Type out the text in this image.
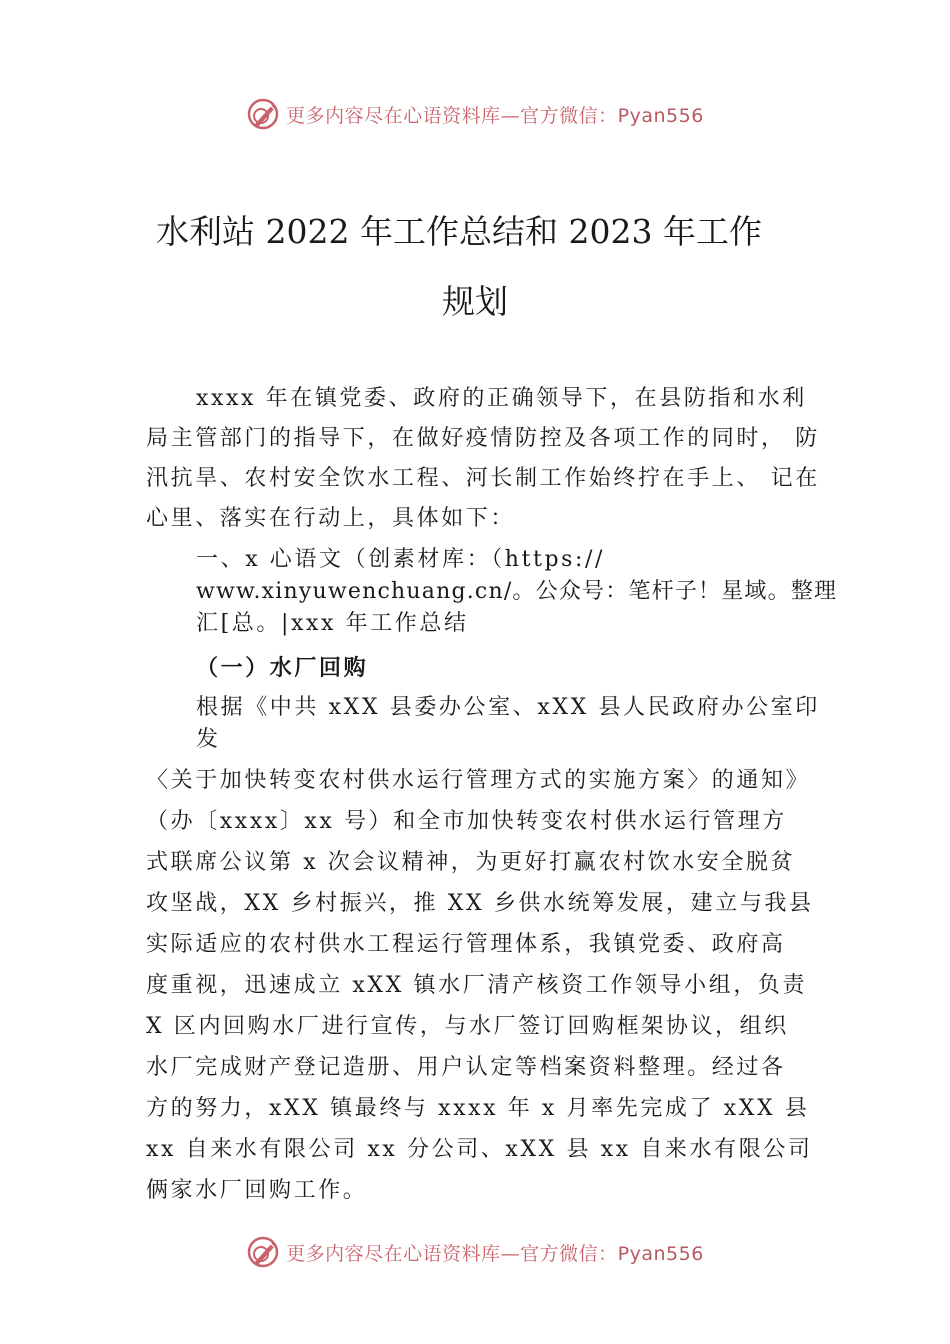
更多内容尽在心语资料库—官方微信：Pyan556
水利站 2022 年工作总结和 2023 年工作
规划
xxxx 年在镇党委、政府的正确领导下，在县防指和水利
局主管部门的指导下，在做好疫情防控及各项工作的同时， 防
汛抗旱、农村安全饮水工程、河长制工作始终拧在手上、 记在
心里、落实在行动上，具体如下：
一、x 心语文（创素材库：（https://
www.xinyuwenchuang.cn/。公众号：笔杆子！星域。整理
汇[总。|xxx 年工作总结
（一）水厂回购
根据《中共 xXX 县委办公室、xXX 县人民政府办公室印
发
〈关于加快转变农村供水运行管理方式的实施方案〉的通知》
（办〔xxxx〕xx 号）和全市加快转变农村供水运行管理方
式联席公议第 x 次会议精神，为更好打赢农村饮水安全脱贫
攻坚战，XX 乡村振兴，推 XX 乡供水统筹发展，建立与我县
实际适应的农村供水工程运行管理体系，我镇党委、政府高
度重视，迅速成立 xXX 镇水厂清产核资工作领导小组，负责
X 区内回购水厂进行宣传，与水厂签订回购框架协议，组织
水厂完成财产登记造册、用户认定等档案资料整理。经过各
方的努力，xXX 镇最终与 xxxx 年 x 月率先完成了 xXX 县
xx 自来水有限公司 xx 分公司、xXX 县 xx 自来水有限公司
俩家水厂回购工作。
更多内容尽在心语资料库—官方微信：Pyan556
